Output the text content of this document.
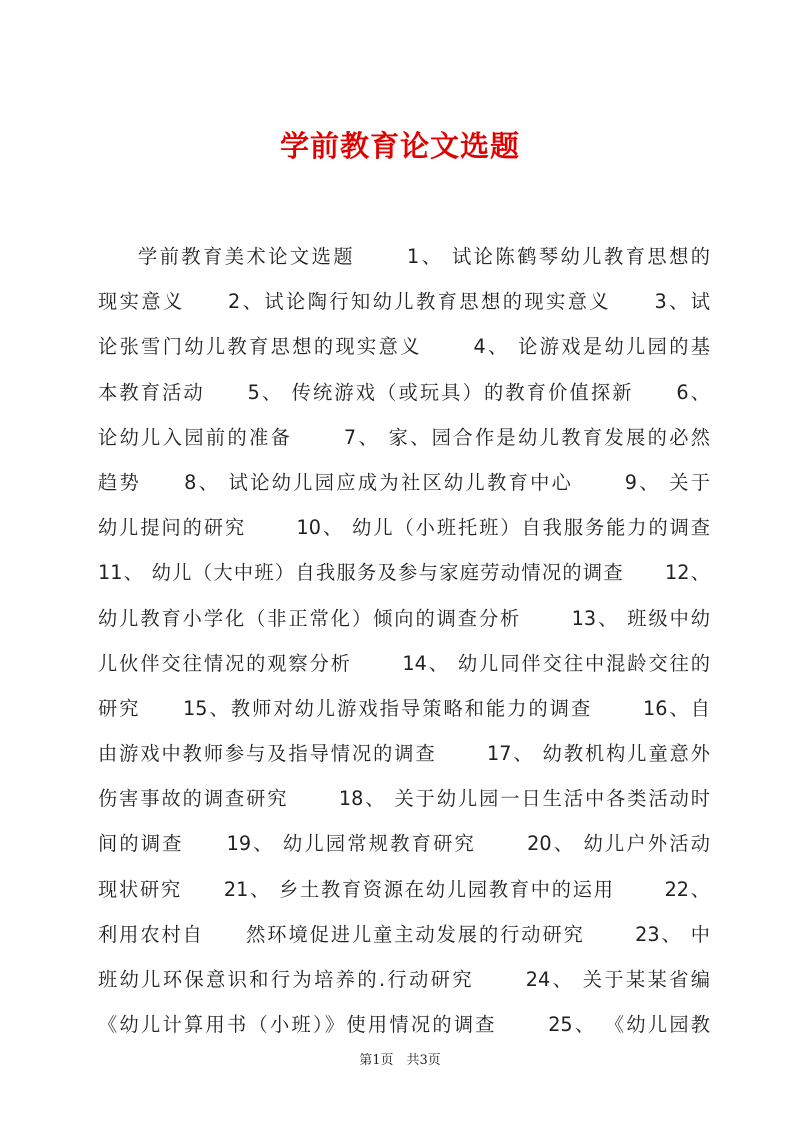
学前教育论文选题
学前教育美术论文选题　　 1、 试论陈鹤琴幼儿教育思想的
现实意义　　2、试论陶行知幼儿教育思想的现实意义　　3、试
论张雪门幼儿教育思想的现实意义　　 4、 论游戏是幼儿园的基
本教育活动　　5、 传统游戏（或玩具）的教育价值探新　　6、
论幼儿入园前的准备　　 7、 家、园合作是幼儿教育发展的必然
趋势　　8、 试论幼儿园应成为社区幼儿教育中心　　 9、 关于
幼儿提问的研究　　 10、 幼儿（小班托班）自我服务能力的调查
11、 幼儿（大中班）自我服务及参与家庭劳动情况的调查　　12、
幼儿教育小学化（非正常化）倾向的调查分析　　 13、 班级中幼
儿伙伴交往情况的观察分析　　 14、 幼儿同伴交往中混龄交往的
研究　　15、教师对幼儿游戏指导策略和能力的调查　　 16、自
由游戏中教师参与及指导情况的调查　　 17、 幼教机构儿童意外
伤害事故的调查研究　　 18、 关于幼儿园一日生活中各类活动时
间的调查　　19、 幼儿园常规教育研究　　 20、 幼儿户外活动
现状研究　　21、 乡土教育资源在幼儿园教育中的运用　　 22、
利用农村自　　然环境促进儿童主动发展的行动研究　　 23、 中
班幼儿环保意识和行为培养的.行动研究　　 24、 关于某某省编
《幼儿计算用书（小班）》使用情况的调查　　 25、 《幼儿园教
第1页　共3页
